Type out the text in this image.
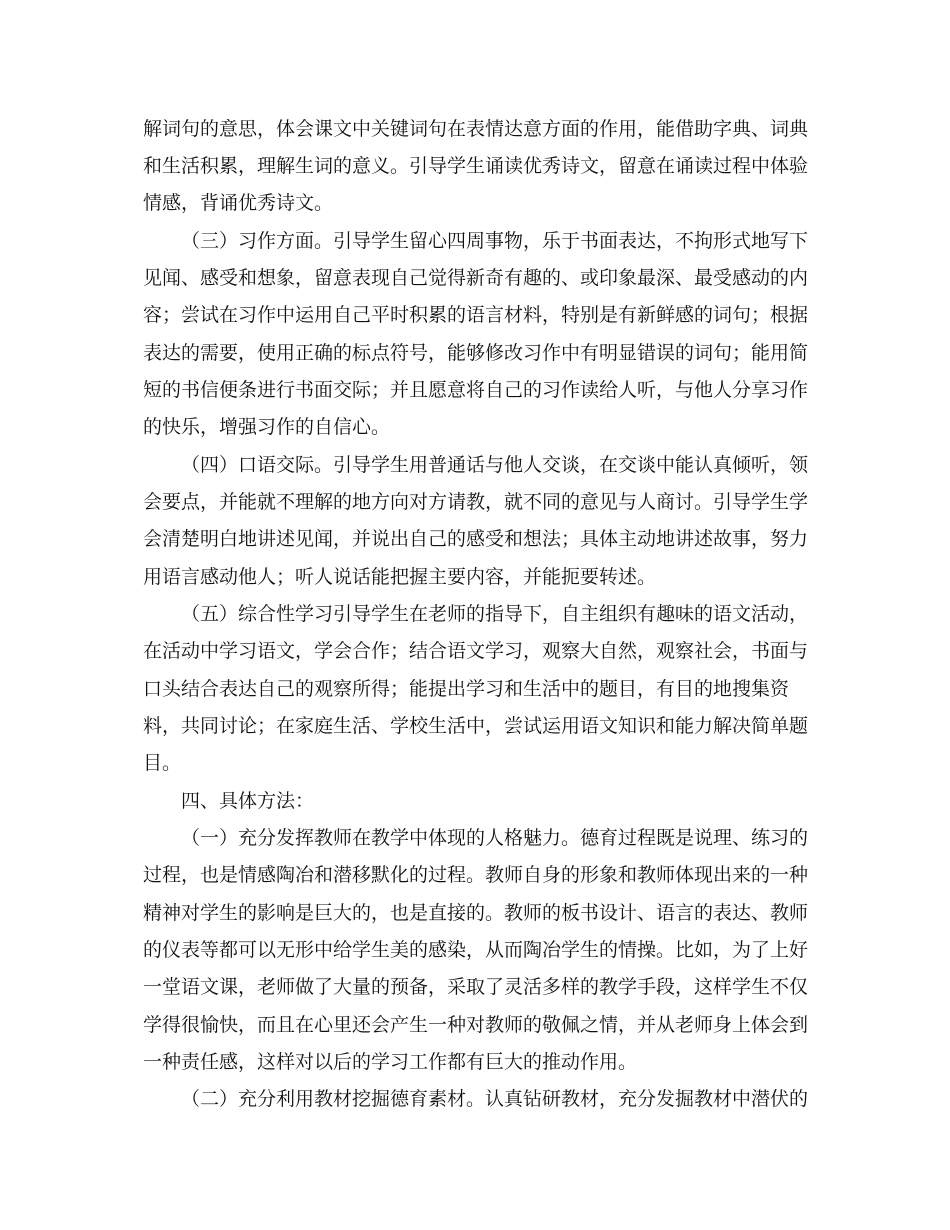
解词句的意思，体会课文中关键词句在表情达意方面的作用，能借助字典、词典
和生活积累，理解生词的意义。引导学生诵读优秀诗文，留意在诵读过程中体验
情感，背诵优秀诗文。
（三）习作方面。引导学生留心四周事物，乐于书面表达，不拘形式地写下
见闻、感受和想象，留意表现自己觉得新奇有趣的、或印象最深、最受感动的内
容；尝试在习作中运用自己平时积累的语言材料，特别是有新鲜感的词句；根据
表达的需要，使用正确的标点符号，能够修改习作中有明显错误的词句；能用简
短的书信便条进行书面交际；并且愿意将自己的习作读给人听，与他人分享习作
的快乐，增强习作的自信心。
（四）口语交际。引导学生用普通话与他人交谈，在交谈中能认真倾听，领
会要点，并能就不理解的地方向对方请教，就不同的意见与人商讨。引导学生学
会清楚明白地讲述见闻，并说出自己的感受和想法；具体主动地讲述故事，努力
用语言感动他人；听人说话能把握主要内容，并能扼要转述。
（五）综合性学习引导学生在老师的指导下，自主组织有趣味的语文活动，
在活动中学习语文，学会合作；结合语文学习，观察大自然，观察社会，书面与
口头结合表达自己的观察所得；能提出学习和生活中的题目，有目的地搜集资
料，共同讨论；在家庭生活、学校生活中，尝试运用语文知识和能力解决简单题
目。
四、具体方法：
（一）充分发挥教师在教学中体现的人格魅力。德育过程既是说理、练习的
过程，也是情感陶冶和潜移默化的过程。教师自身的形象和教师体现出来的一种
精神对学生的影响是巨大的，也是直接的。教师的板书设计、语言的表达、教师
的仪表等都可以无形中给学生美的感染，从而陶冶学生的情操。比如，为了上好
一堂语文课，老师做了大量的预备，采取了灵活多样的教学手段，这样学生不仅
学得很愉快，而且在心里还会产生一种对教师的敬佩之情，并从老师身上体会到
一种责任感，这样对以后的学习工作都有巨大的推动作用。
（二）充分利用教材挖掘德育素材。认真钻研教材，充分发掘教材中潜伏的
